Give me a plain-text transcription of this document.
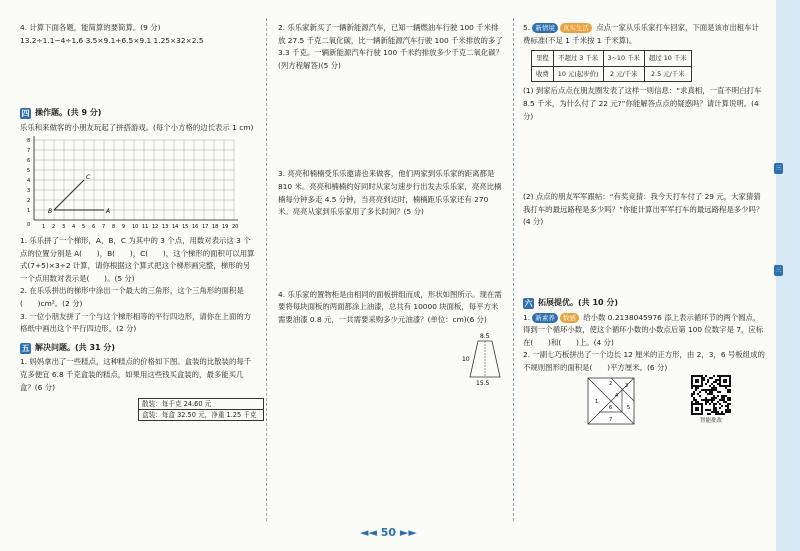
4. 计算下面各题，能简算的要简算。(9 分)

13.2÷1.1−4÷1.6 3.5×9.1+6.5×9.1 1.25×32×2.5

四 操作题。(共 9 分)

乐乐和来做客的小朋友玩起了拼搭游戏。(每个小方格的边长表示 1 cm)

1 2 3 4 5 6 7 8 9 10 11 12 13 14 15 16 17 18 19 20
1
2
3
4
5
6
7
8
0
A
B
C

1. 乐乐拼了一个梯形，A，B，C 为其中的 3 个点，用数对表示这 3 个点的位置分别是 A(　　)，B(　　)，C(　　)，这个梯形的面积可以用算式(7+5)×3÷2 计算，请你根据这个算式把这个梯形画完整，梯形的另一个点用数对表示是(　　)。(5 分)

2. 在乐乐拼出的梯形中涂出一个最大的三角形，这个三角形的面积是(　　)cm²。(2 分)

3. 一位小朋友拼了一个与这个梯形相等的平行四边形，请你在上面的方格纸中画出这个平行四边形。(2 分)

五 解决问题。(共 31 分)

1. 妈妈拿出了一些糕点，这种糕点的价格如下图。盒装的比散装的每千克多便宜 6.8 千克盒装的糕点，如果用这些钱买盒装的，最多能买几盒？(6 分)

散装：每千克 24.60 元
盒装：每盒 32.50 元，净重 1.25 千克

2. 乐乐家新买了一辆新能源汽车，已知一辆燃油车行驶 100 千米排放 27.5 千克二氧化碳，比一辆新能源汽车行驶 100 千米排放的多了 3.3 千克。一辆新能源汽车行驶 100 千米约排放多少千克二氧化碳？(列方程解答)(5 分)

3. 亮亮和楠楠受乐乐邀请也来做客，他们两家到乐乐家的距离都是 810 米。亮亮和楠楠约好同时从家匀速步行出发去乐乐家，亮亮比楠楠每分钟多走 4.5 分钟，当亮亮到达时，楠楠距乐乐家还有 270 米。亮亮从家到乐乐家用了多长时间？(5 分)

4. 乐乐家的置物柜是由相同的面板拼组而成，形状如图所示。现在需要将每块面板的两面都涂上油漆，总共有 10000 块面板，每平方米需要油漆 0.8 元，一共需要采购多少元油漆？(单位：cm)(6 分)

8.5
10
15.5

5. 新情境 真实生活 点点一家从乐乐家打车回家，下面是该市出租车计费标准(不足 1 千米按 1 千米算)。

里程	不超过 3 千米	3~10 千米	超过 10 千米
收费	10 元(起步价)	2 元/千米	2.5 元/千米

(1) 到家后点点在朋友圈发表了这样一则信息：“求真相，一直不明白打车 8.5 千米，为什么付了 22 元?”你能解答点点的疑惑吗？请计算说明。(4 分)

(2) 点点的朋友军军跟帖：“有奖竞猜：我今天打车付了 29 元，大家猜猜我打车的最远路程是多少吗？”你能计算出军军打车的最远路程是多少吗？(4 分)

六 拓展提优。(共 10 分)

1. 新素养 数感 给小数 0.2138045976 添上表示循环节的两个圆点，得到一个循环小数，使这个循环小数的小数点后第 100 位数字是 7，应标在(　　)和(　　)上。(4 分)

2. 一副七巧板拼出了一个边长 12 厘米的正方形，由 2，3，6 号板组成的不规则图形的面积是(　　)平方厘米。(6 分)

1
2	3
4
5
6
7	智能批改
◄◄ 50 ►►
三
三
